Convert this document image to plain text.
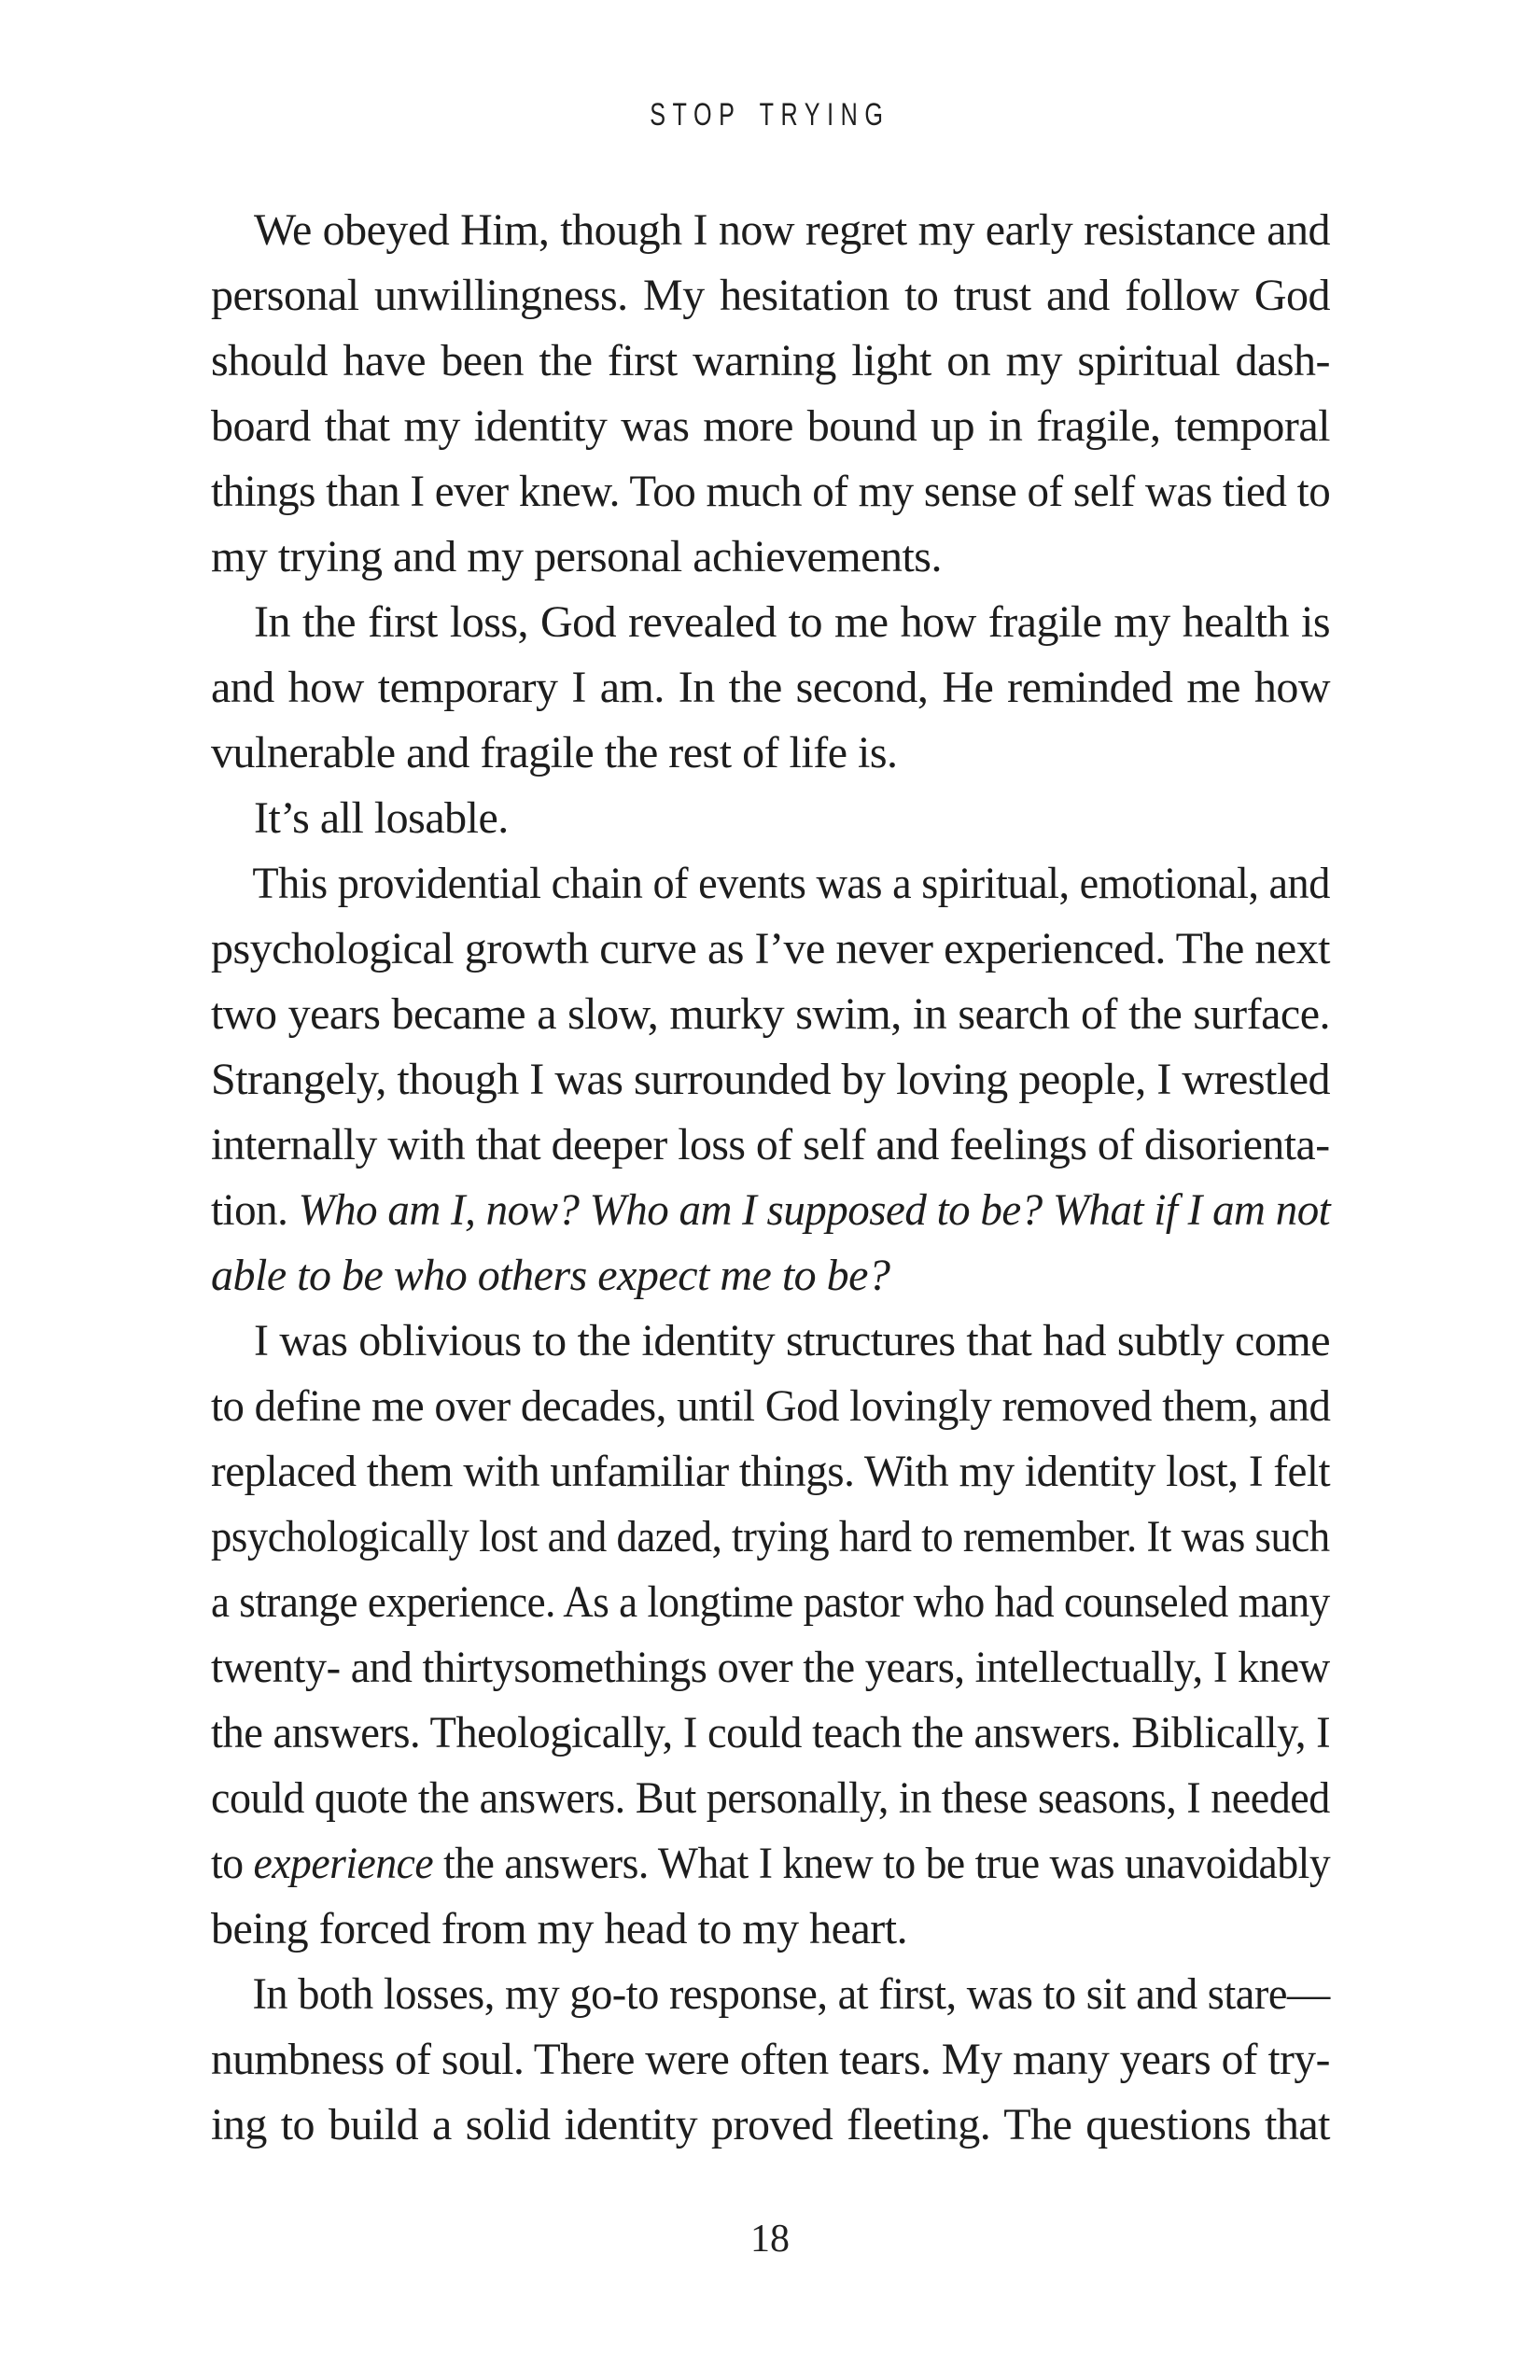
STOP TRYING
We obeyed Him, though I now regret my early resistance and
personal unwillingness. My hesitation to trust and follow God
should have been the first warning light on my spiritual dash-
board that my identity was more bound up in fragile, temporal
things than I ever knew. Too much of my sense of self was tied to
my trying and my personal achievements.
In the first loss, God revealed to me how fragile my health is
and how temporary I am. In the second, He reminded me how
vulnerable and fragile the rest of life is.
It’s all losable.
This providential chain of events was a spiritual, emotional, and
psychological growth curve as I’ve never experienced. The next
two years became a slow, murky swim, in search of the surface.
Strangely, though I was surrounded by loving people, I wrestled
internally with that deeper loss of self and feelings of disorienta-
tion. Who am I, now? Who am I supposed to be? What if I am not
able to be who others expect me to be?
I was oblivious to the identity structures that had subtly come
to define me over decades, until God lovingly removed them, and
replaced them with unfamiliar things. With my identity lost, I felt
psychologically lost and dazed, trying hard to remember. It was such
a strange experience. As a longtime pastor who had counseled many
twenty- and thirtysomethings over the years, intellectually, I knew
the answers. Theologically, I could teach the answers. Biblically, I
could quote the answers. But personally, in these seasons, I needed
to experience the answers. What I knew to be true was unavoidably
being forced from my head to my heart.
In both losses, my go-to response, at first, was to sit and stare—
numbness of soul. There were often tears. My many years of try-
ing to build a solid identity proved fleeting. The questions that
18
